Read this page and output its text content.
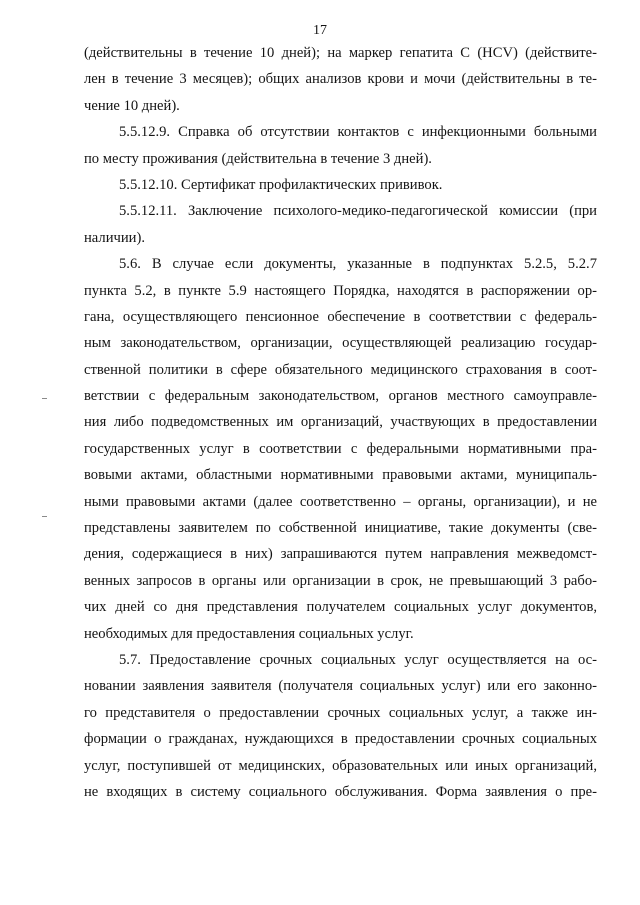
17
(действительны в течение 10 дней); на маркер гепатита С (HCV) (действите-
лен в течение 3 месяцев); общих анализов крови и мочи (действительны в те-
чение 10 дней).
5.5.12.9. Справка об отсутствии контактов с инфекционными больными
по месту проживания (действительна в течение 3 дней).
5.5.12.10. Сертификат профилактических прививок.
5.5.12.11. Заключение психолого-медико-педагогической комиссии (при
наличии).
5.6. В случае если документы, указанные в подпунктах 5.2.5, 5.2.7
пункта 5.2, в пункте 5.9 настоящего Порядка, находятся в распоряжении ор-
гана, осуществляющего пенсионное обеспечение в соответствии с федераль-
ным законодательством, организации, осуществляющей реализацию государ-
ственной политики в сфере обязательного медицинского страхования в соот-
ветствии с федеральным законодательством, органов местного самоуправле-
ния либо подведомственных им организаций, участвующих в предоставлении
государственных услуг в соответствии с федеральными нормативными пра-
вовыми актами, областными нормативными правовыми актами, муниципаль-
ными правовыми актами (далее соответственно – органы, организации), и не
представлены заявителем по собственной инициативе, такие документы (све-
дения, содержащиеся в них) запрашиваются путем направления межведомст-
венных запросов в органы или организации в срок, не превышающий 3 рабо-
чих дней со дня представления получателем социальных услуг документов,
необходимых для предоставления социальных услуг.
5.7. Предоставление срочных социальных услуг осуществляется на ос-
новании заявления заявителя (получателя социальных услуг) или его законно-
го представителя о предоставлении срочных социальных услуг, а также ин-
формации о гражданах, нуждающихся в предоставлении срочных социальных
услуг, поступившей от медицинских, образовательных или иных организаций,
не входящих в систему социального обслуживания. Форма заявления о пре-
